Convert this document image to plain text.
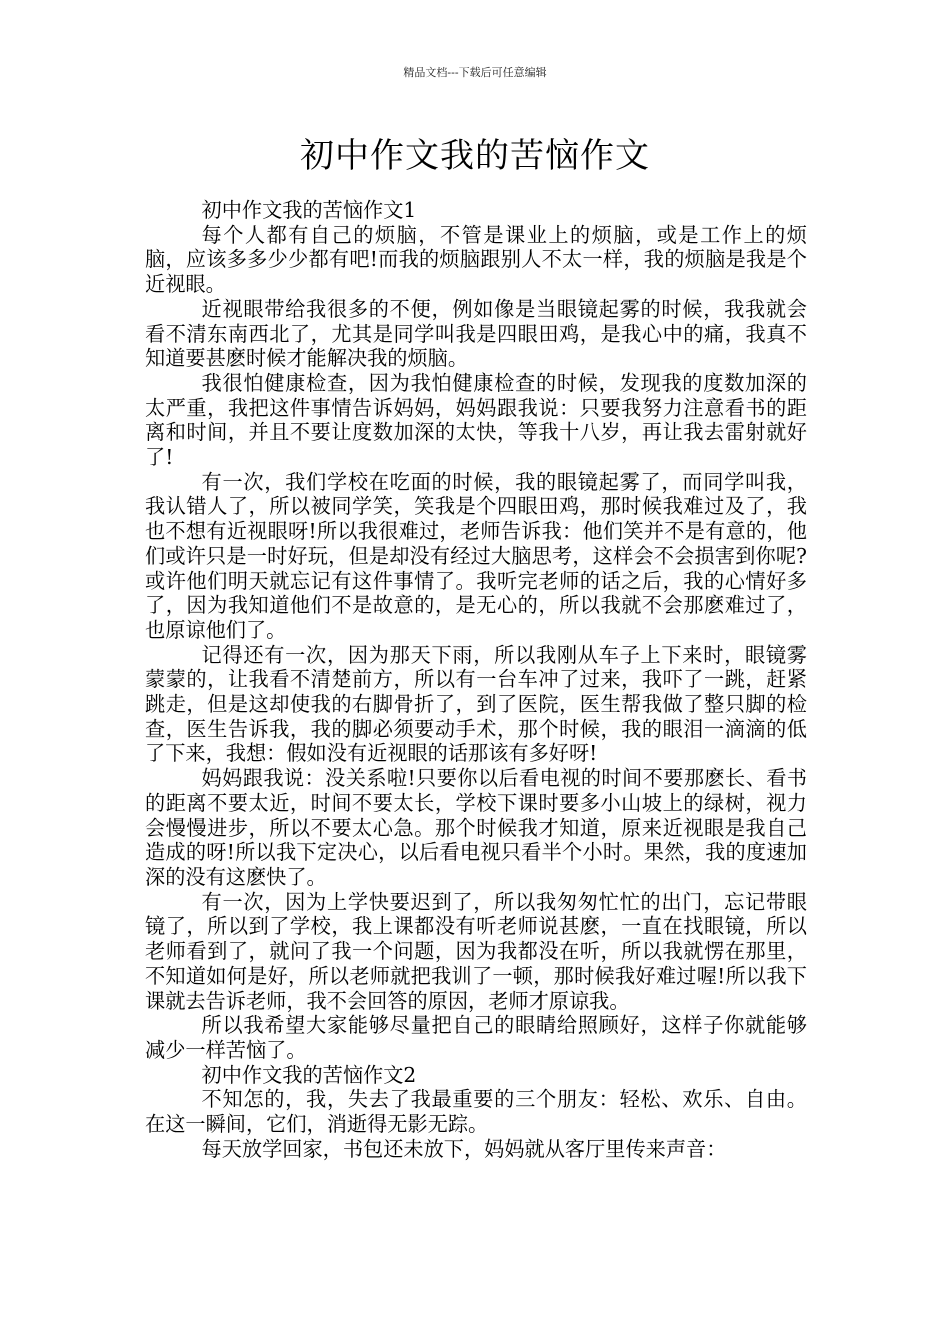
精品文档---下载后可任意编辑
初中作文我的苦恼作文

初中作文我的苦恼作文1

每个人都有自己的烦脑，不管是课业上的烦脑，或是工作上的烦脑，应该多多少少都有吧!而我的烦脑跟别人不太一样，我的烦脑是我是个近视眼。

近视眼带给我很多的不便，例如像是当眼镜起雾的时候，我我就会看不清东南西北了，尤其是同学叫我是四眼田鸡，是我心中的痛，我真不知道要甚麽时候才能解决我的烦脑。

我很怕健康检查，因为我怕健康检查的时候，发现我的度数加深的太严重，我把这件事情告诉妈妈，妈妈跟我说：只要我努力注意看书的距离和时间，并且不要让度数加深的太快，等我十八岁，再让我去雷射就好了!

有一次，我们学校在吃面的时候，我的眼镜起雾了，而同学叫我，我认错人了，所以被同学笑，笑我是个四眼田鸡，那时候我难过及了，我也不想有近视眼呀!所以我很难过，老师告诉我：他们笑并不是有意的，他们或许只是一时好玩，但是却没有经过大脑思考，这样会不会损害到你呢?或许他们明天就忘记有这件事情了。我听完老师的话之后，我的心情好多了，因为我知道他们不是故意的，是无心的，所以我就不会那麽难过了，也原谅他们了。

记得还有一次，因为那天下雨，所以我刚从车子上下来时，眼镜雾蒙蒙的，让我看不清楚前方，所以有一台车冲了过来，我吓了一跳，赶紧跳走，但是这却使我的右脚骨折了，到了医院，医生帮我做了整只脚的检查，医生告诉我，我的脚必须要动手术，那个时候，我的眼泪一滴滴的低了下来，我想：假如没有近视眼的话那该有多好呀!

妈妈跟我说：没关系啦!只要你以后看电视的时间不要那麽长、看书的距离不要太近，时间不要太长，学校下课时要多小山坡上的绿树，视力会慢慢进步，所以不要太心急。那个时候我才知道，原来近视眼是我自己造成的呀!所以我下定决心，以后看电视只看半个小时。果然，我的度速加深的没有这麽快了。

有一次，因为上学快要迟到了，所以我匆匆忙忙的出门，忘记带眼镜了，所以到了学校，我上课都没有听老师说甚麽，一直在找眼镜，所以老师看到了，就问了我一个问题，因为我都没在听，所以我就愣在那里，不知道如何是好，所以老师就把我训了一顿，那时候我好难过喔!所以我下课就去告诉老师，我不会回答的原因，老师才原谅我。

所以我希望大家能够尽量把自己的眼睛给照顾好，这样子你就能够减少一样苦恼了。

初中作文我的苦恼作文2

不知怎的，我，失去了我最重要的三个朋友：轻松、欢乐、自由。在这一瞬间，它们，消逝得无影无踪。

每天放学回家，书包还未放下，妈妈就从客厅里传来声音：
